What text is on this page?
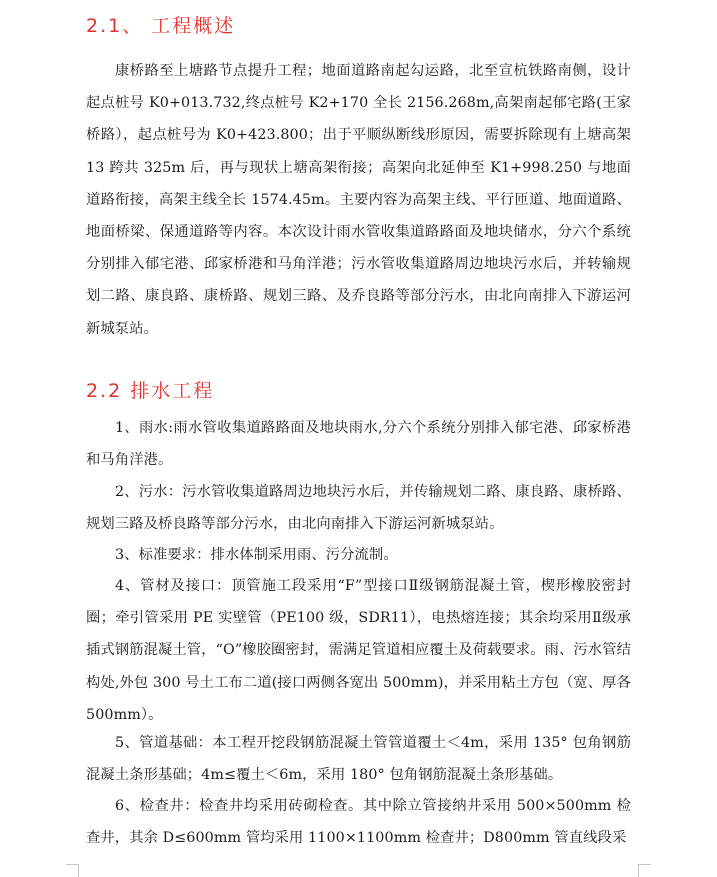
2.1、 工程概述

康桥路至上塘路节点提升工程；地面道路南起勾运路，北至宣杭铁路南侧，设计起点桩号 K0+013.732,终点桩号 K2+170 全长 2156.268m,高架南起郁宅路(王家桥路），起点桩号为 K0+423.800；出于平顺纵断线形原因，需要拆除现有上塘高架 13 跨共 325m 后，再与现状上塘高架衔接；高架向北延伸至 K1+998.250 与地面道路衔接，高架主线全长 1574.45m。主要内容为高架主线、平行匝道、地面道路、地面桥梁、保通道路等内容。本次设计雨水管收集道路路面及地块储水，分六个系统分别排入郁宅港、邱家桥港和马角洋港；污水管收集道路周边地块污水后，并转输规划二路、康良路、康桥路、规划三路、及乔良路等部分污水，由北向南排入下游运河新城泵站。

2.2 排水工程

1、雨水:雨水管收集道路路面及地块雨水,分六个系统分别排入郁宅港、邱家桥港和马角洋港。

2、污水：污水管收集道路周边地块污水后，并传输规划二路、康良路、康桥路、规划三路及桥良路等部分污水，由北向南排入下游运河新城泵站。

3、标准要求：排水体制采用雨、污分流制。

4、管材及接口：顶管施工段采用“F”型接口Ⅱ级钢筋混凝土管，楔形橡胶密封圈；牵引管采用 PE 实壁管（PE100 级，SDR11），电热熔连接；其余均采用Ⅱ级承插式钢筋混凝土管，“O”橡胶圈密封，需满足管道相应覆土及荷载要求。雨、污水管结构处,外包 300 号土工布二道(接口两侧各宽出 500mm)，并采用粘土方包（宽、厚各 500mm）。

5、管道基础：本工程开挖段钢筋混凝土管管道覆土＜4m，采用 135° 包角钢筋混凝土条形基础；4m≤覆土＜6m，采用 180° 包角钢筋混凝土条形基础。

6、检查井：检查井均采用砖砌检查。其中除立管接纳井采用 500×500mm 检查井，其余 D≤600mm 管均采用 1100×1100mm 检查井；D800mm 管直线段采
